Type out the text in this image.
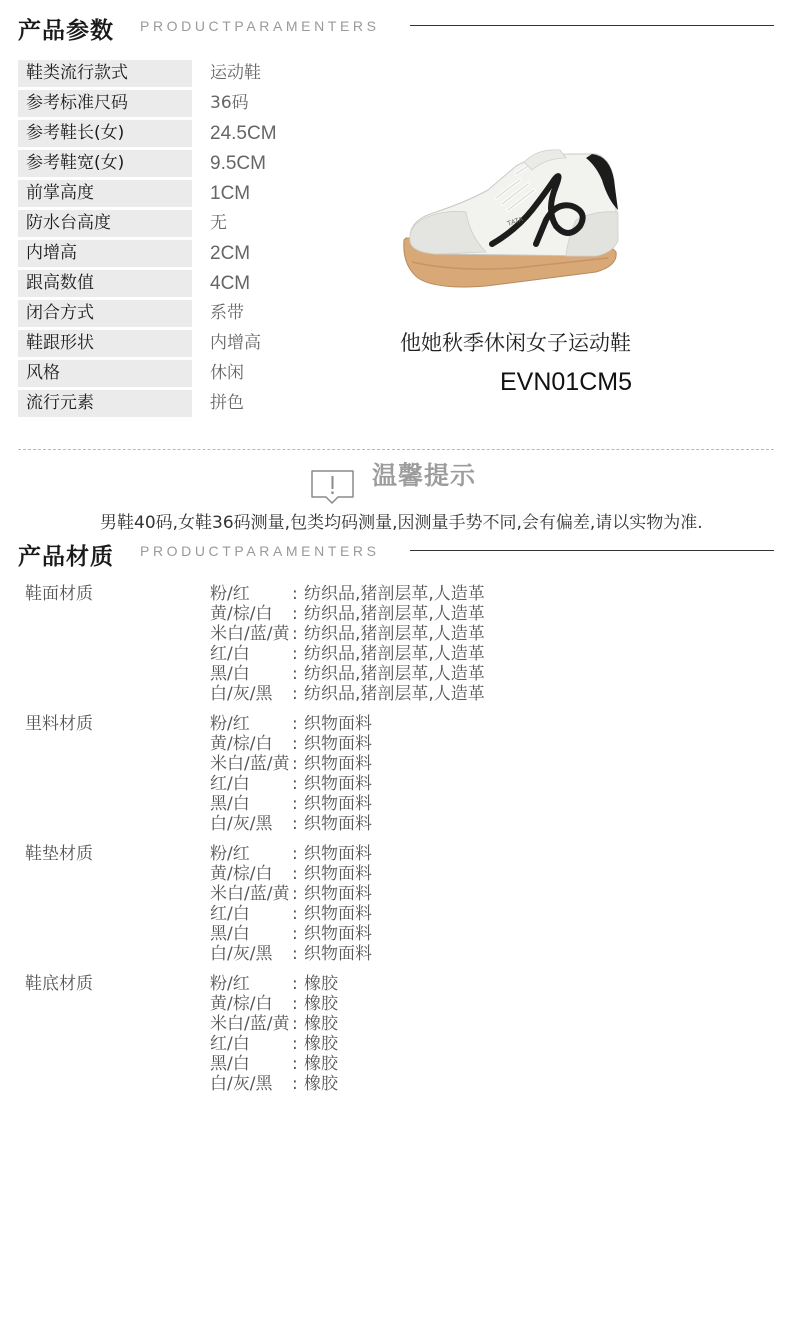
产品参数 PRODUCTPARAMENTERS
鞋类流行款式	运动鞋
参考标准尺码	36码
参考鞋长(女)	24.5CM
参考鞋宽(女)	9.5CM
前掌高度	1CM
防水台高度	无
内增高	2CM
跟高数值	4CM
闭合方式	系带
鞋跟形状	内增高
风格	休闲
流行元素	拼色
TATA
他她秋季休闲女子运动鞋
EVN01CM5
温馨提示
男鞋40码,女鞋36码测量,包类均码测量,因测量手势不同,会有偏差,请以实物为准.
产品材质 PRODUCTPARAMENTERS
鞋面材质	粉/红 : 纺织品,猪剖层革,人造革
黄/棕/白 : 纺织品,猪剖层革,人造革
米白/蓝/黄 : 纺织品,猪剖层革,人造革
红/白 : 纺织品,猪剖层革,人造革
黑/白 : 纺织品,猪剖层革,人造革
白/灰/黑 : 纺织品,猪剖层革,人造革
里料材质	粉/红 : 织物面料
黄/棕/白 : 织物面料
米白/蓝/黄 : 织物面料
红/白 : 织物面料
黑/白 : 织物面料
白/灰/黑 : 织物面料
鞋垫材质	粉/红 : 织物面料
黄/棕/白 : 织物面料
米白/蓝/黄 : 织物面料
红/白 : 织物面料
黑/白 : 织物面料
白/灰/黑 : 织物面料
鞋底材质	粉/红 : 橡胶
黄/棕/白 : 橡胶
米白/蓝/黄 : 橡胶
红/白 : 橡胶
黑/白 : 橡胶
白/灰/黑 : 橡胶
